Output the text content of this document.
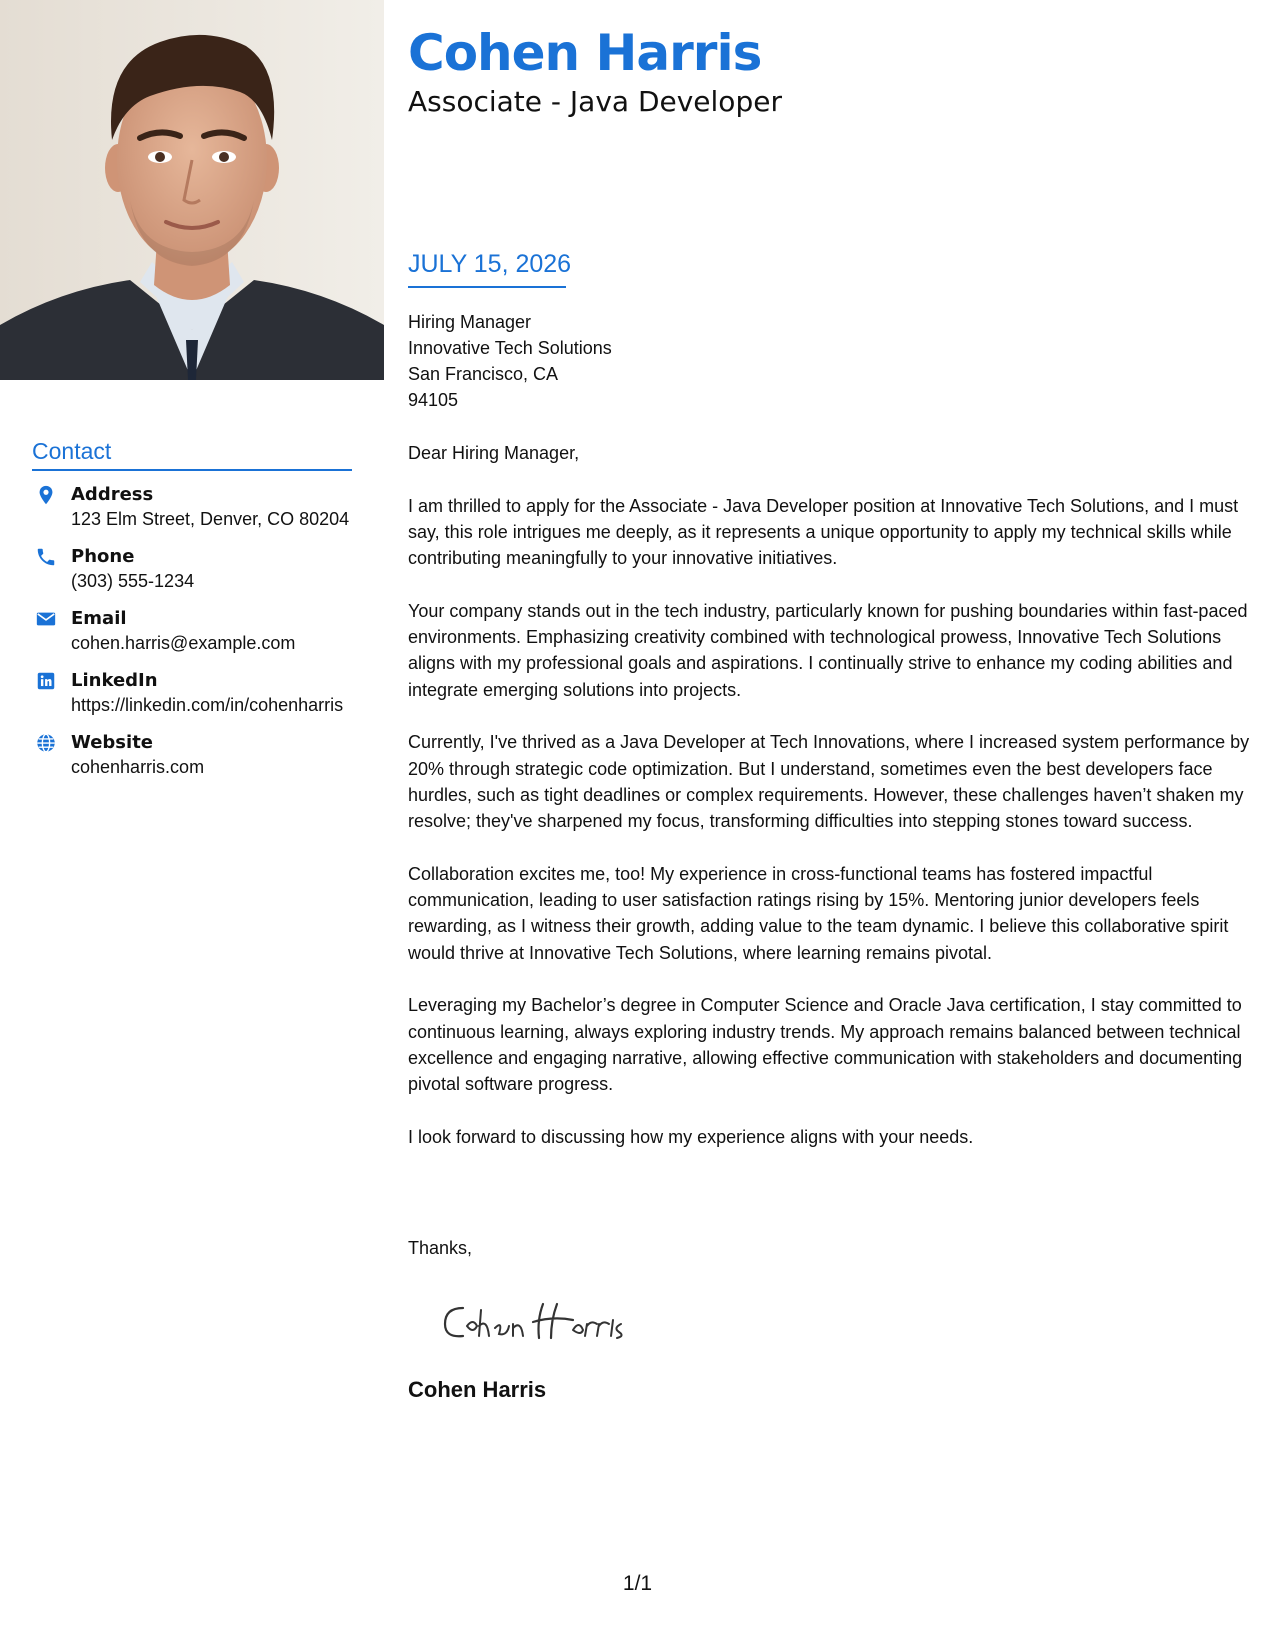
Cohen Harris
Associate - Java Developer
JULY 15, 2026
Hiring Manager
Innovative Tech Solutions
San Francisco, CA
94105

Dear Hiring Manager,

I am thrilled to apply for the Associate - Java Developer position at Innovative Tech Solutions, and I must say, this role intrigues me deeply, as it represents a unique opportunity to apply my technical skills while contributing meaningfully to your innovative initiatives.

Your company stands out in the tech industry, particularly known for pushing boundaries within fast-paced environments. Emphasizing creativity combined with technological prowess, Innovative Tech Solutions aligns with my professional goals and aspirations. I continually strive to enhance my coding abilities and integrate emerging solutions into projects.

Currently, I've thrived as a Java Developer at Tech Innovations, where I increased system performance by 20% through strategic code optimization. But I understand, sometimes even the best developers face hurdles, such as tight deadlines or complex requirements. However, these challenges haven’t shaken my resolve; they've sharpened my focus, transforming difficulties into stepping stones toward success.

Collaboration excites me, too! My experience in cross-functional teams has fostered impactful communication, leading to user satisfaction ratings rising by 15%. Mentoring junior developers feels rewarding, as I witness their growth, adding value to the team dynamic. I believe this collaborative spirit would thrive at Innovative Tech Solutions, where learning remains pivotal.

Leveraging my Bachelor’s degree in Computer Science and Oracle Java certification, I stay committed to continuous learning, always exploring industry trends. My approach remains balanced between technical excellence and engaging narrative, allowing effective communication with stakeholders and documenting pivotal software progress.

I look forward to discussing how my experience aligns with your needs.

Thanks,
Cohen Harris
Contact
Address
123 Elm Street, Denver, CO 80204
Phone
(303) 555-1234
Email
cohen.harris@example.com
LinkedIn
https://linkedin.com/in/cohenharris
Website
cohenharris.com
1/1
